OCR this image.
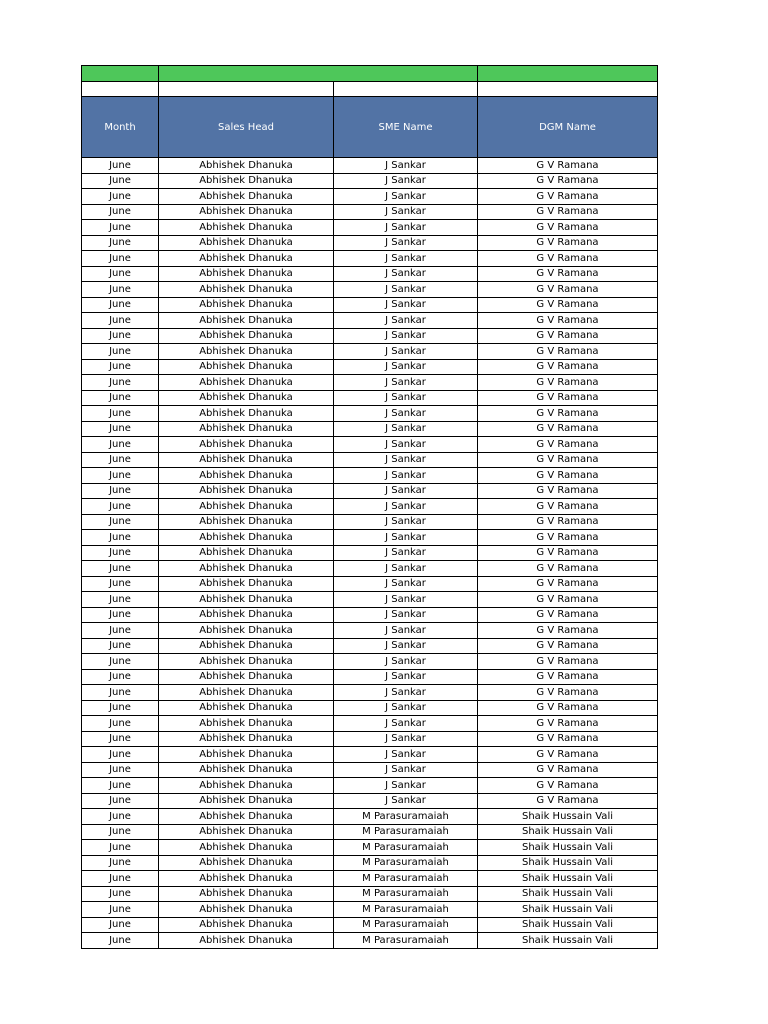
Month	Sales Head	SME Name	DGM Name
June	Abhishek Dhanuka	J Sankar	G V Ramana
June	Abhishek Dhanuka	J Sankar	G V Ramana
June	Abhishek Dhanuka	J Sankar	G V Ramana
June	Abhishek Dhanuka	J Sankar	G V Ramana
June	Abhishek Dhanuka	J Sankar	G V Ramana
June	Abhishek Dhanuka	J Sankar	G V Ramana
June	Abhishek Dhanuka	J Sankar	G V Ramana
June	Abhishek Dhanuka	J Sankar	G V Ramana
June	Abhishek Dhanuka	J Sankar	G V Ramana
June	Abhishek Dhanuka	J Sankar	G V Ramana
June	Abhishek Dhanuka	J Sankar	G V Ramana
June	Abhishek Dhanuka	J Sankar	G V Ramana
June	Abhishek Dhanuka	J Sankar	G V Ramana
June	Abhishek Dhanuka	J Sankar	G V Ramana
June	Abhishek Dhanuka	J Sankar	G V Ramana
June	Abhishek Dhanuka	J Sankar	G V Ramana
June	Abhishek Dhanuka	J Sankar	G V Ramana
June	Abhishek Dhanuka	J Sankar	G V Ramana
June	Abhishek Dhanuka	J Sankar	G V Ramana
June	Abhishek Dhanuka	J Sankar	G V Ramana
June	Abhishek Dhanuka	J Sankar	G V Ramana
June	Abhishek Dhanuka	J Sankar	G V Ramana
June	Abhishek Dhanuka	J Sankar	G V Ramana
June	Abhishek Dhanuka	J Sankar	G V Ramana
June	Abhishek Dhanuka	J Sankar	G V Ramana
June	Abhishek Dhanuka	J Sankar	G V Ramana
June	Abhishek Dhanuka	J Sankar	G V Ramana
June	Abhishek Dhanuka	J Sankar	G V Ramana
June	Abhishek Dhanuka	J Sankar	G V Ramana
June	Abhishek Dhanuka	J Sankar	G V Ramana
June	Abhishek Dhanuka	J Sankar	G V Ramana
June	Abhishek Dhanuka	J Sankar	G V Ramana
June	Abhishek Dhanuka	J Sankar	G V Ramana
June	Abhishek Dhanuka	J Sankar	G V Ramana
June	Abhishek Dhanuka	J Sankar	G V Ramana
June	Abhishek Dhanuka	J Sankar	G V Ramana
June	Abhishek Dhanuka	J Sankar	G V Ramana
June	Abhishek Dhanuka	J Sankar	G V Ramana
June	Abhishek Dhanuka	J Sankar	G V Ramana
June	Abhishek Dhanuka	J Sankar	G V Ramana
June	Abhishek Dhanuka	J Sankar	G V Ramana
June	Abhishek Dhanuka	J Sankar	G V Ramana
June	Abhishek Dhanuka	M Parasuramaiah	Shaik Hussain Vali
June	Abhishek Dhanuka	M Parasuramaiah	Shaik Hussain Vali
June	Abhishek Dhanuka	M Parasuramaiah	Shaik Hussain Vali
June	Abhishek Dhanuka	M Parasuramaiah	Shaik Hussain Vali
June	Abhishek Dhanuka	M Parasuramaiah	Shaik Hussain Vali
June	Abhishek Dhanuka	M Parasuramaiah	Shaik Hussain Vali
June	Abhishek Dhanuka	M Parasuramaiah	Shaik Hussain Vali
June	Abhishek Dhanuka	M Parasuramaiah	Shaik Hussain Vali
June	Abhishek Dhanuka	M Parasuramaiah	Shaik Hussain Vali
